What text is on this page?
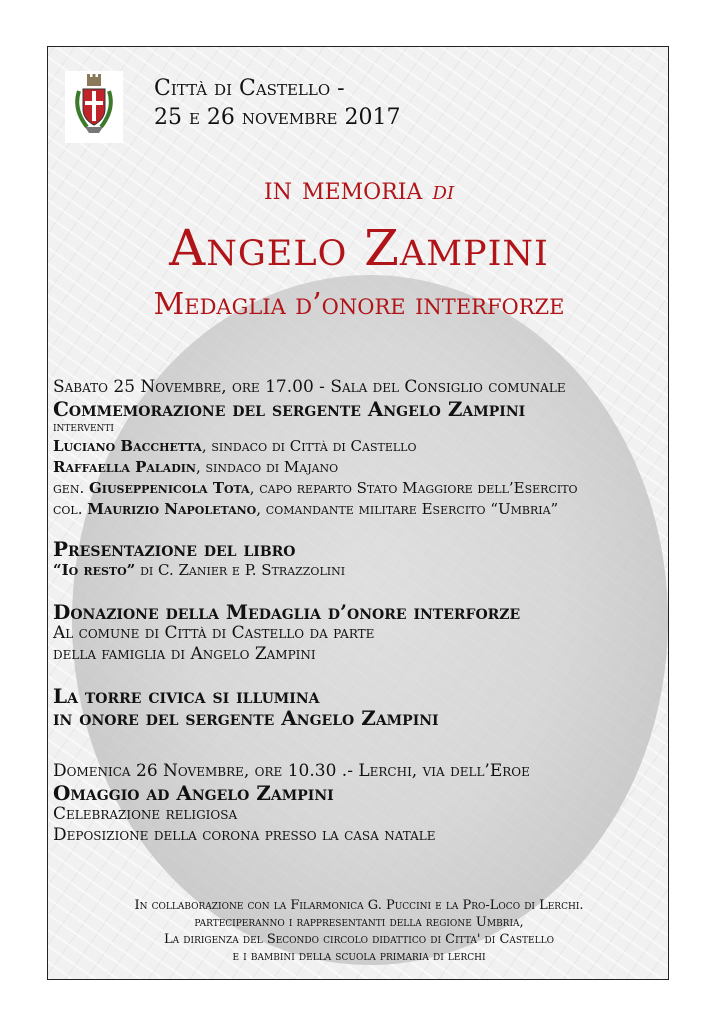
Città di Castello -
25 e 26 novembre 2017
in memoria di
Angelo Zampini
Medaglia d’onore interforze
Sabato 25 Novembre, ore 17.00 - Sala del Consiglio comunale
Commemorazione del sergente Angelo Zampini
interventi
Luciano Bacchetta, sindaco di Città di Castello
Raffaella Paladin, sindaco di Majano
gen. Giuseppenicola Tota, capo reparto Stato Maggiore dell’Esercito
col. Maurizio Napoletano, comandante militare Esercito “Umbria”
Presentazione del libro
“Io resto” di C. Zanier e P. Strazzolini
Donazione della Medaglia d’onore interforze
Al comune di Città di Castello da parte
della famiglia di Angelo Zampini
La torre civica si illumina
in onore del sergente Angelo Zampini
Domenica 26 Novembre, ore 10.30 .- Lerchi, via dell’Eroe
Omaggio ad Angelo Zampini
Celebrazione religiosa
Deposizione della corona presso la casa natale
In collaborazione con la Filarmonica G. Puccini e la Pro-Loco di Lerchi.
parteciperanno i rappresentanti della regione Umbria,
La dirigenza del Secondo circolo didattico di Citta' di Castello
e i bambini della scuola primaria di lerchi
